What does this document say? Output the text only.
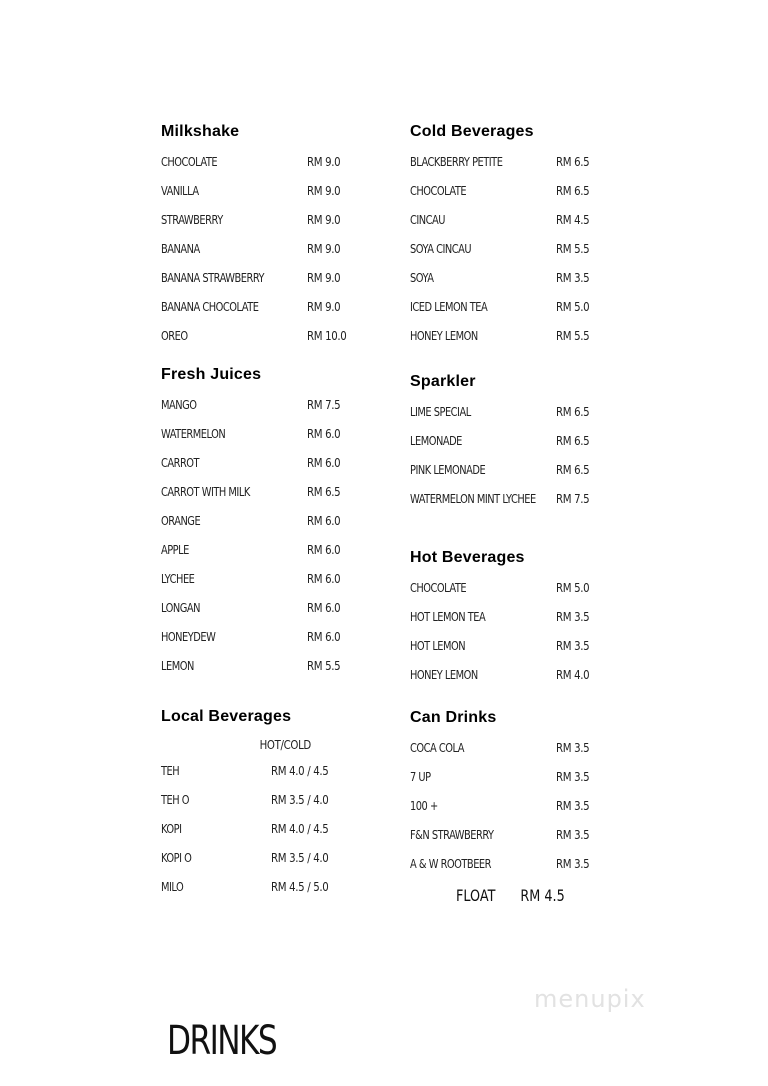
Milkshake
CHOCOLATE	RM 9.0
VANILLA	RM 9.0
STRAWBERRY	RM 9.0
BANANA	RM 9.0
BANANA STRAWBERRY	RM 9.0
BANANA CHOCOLATE	RM 9.0
OREO	RM 10.0
Fresh Juices
MANGO	RM 7.5
WATERMELON	RM 6.0
CARROT	RM 6.0
CARROT WITH MILK	RM 6.5
ORANGE	RM 6.0
APPLE	RM 6.0
LYCHEE	RM 6.0
LONGAN	RM 6.0
HONEYDEW	RM 6.0
LEMON	RM 5.5
Local Beverages
HOT/COLD
TEH	RM 4.0 / 4.5
TEH O	RM 3.5 / 4.0
KOPI	RM 4.0 / 4.5
KOPI O	RM 3.5 / 4.0
MILO	RM 4.5 / 5.0
Cold Beverages
BLACKBERRY PETITE	RM 6.5
CHOCOLATE	RM 6.5
CINCAU	RM 4.5
SOYA CINCAU	RM 5.5
SOYA	RM 3.5
ICED LEMON TEA	RM 5.0
HONEY LEMON	RM 5.5
Sparkler
LIME SPECIAL	RM 6.5
LEMONADE	RM 6.5
PINK LEMONADE	RM 6.5
WATERMELON MINT LYCHEE RM 7.5
Hot Beverages
CHOCOLATE	RM 5.0
HOT LEMON TEA	RM 3.5
HOT LEMON	RM 3.5
HONEY LEMON	RM 4.0
Can Drinks
COCA COLA	RM 3.5
7 UP	RM 3.5
100 +	RM 3.5
F&N STRAWBERRY	RM 3.5
A & W ROOTBEER	RM 3.5
FLOAT RM 4.5
menupix
DRINKS
